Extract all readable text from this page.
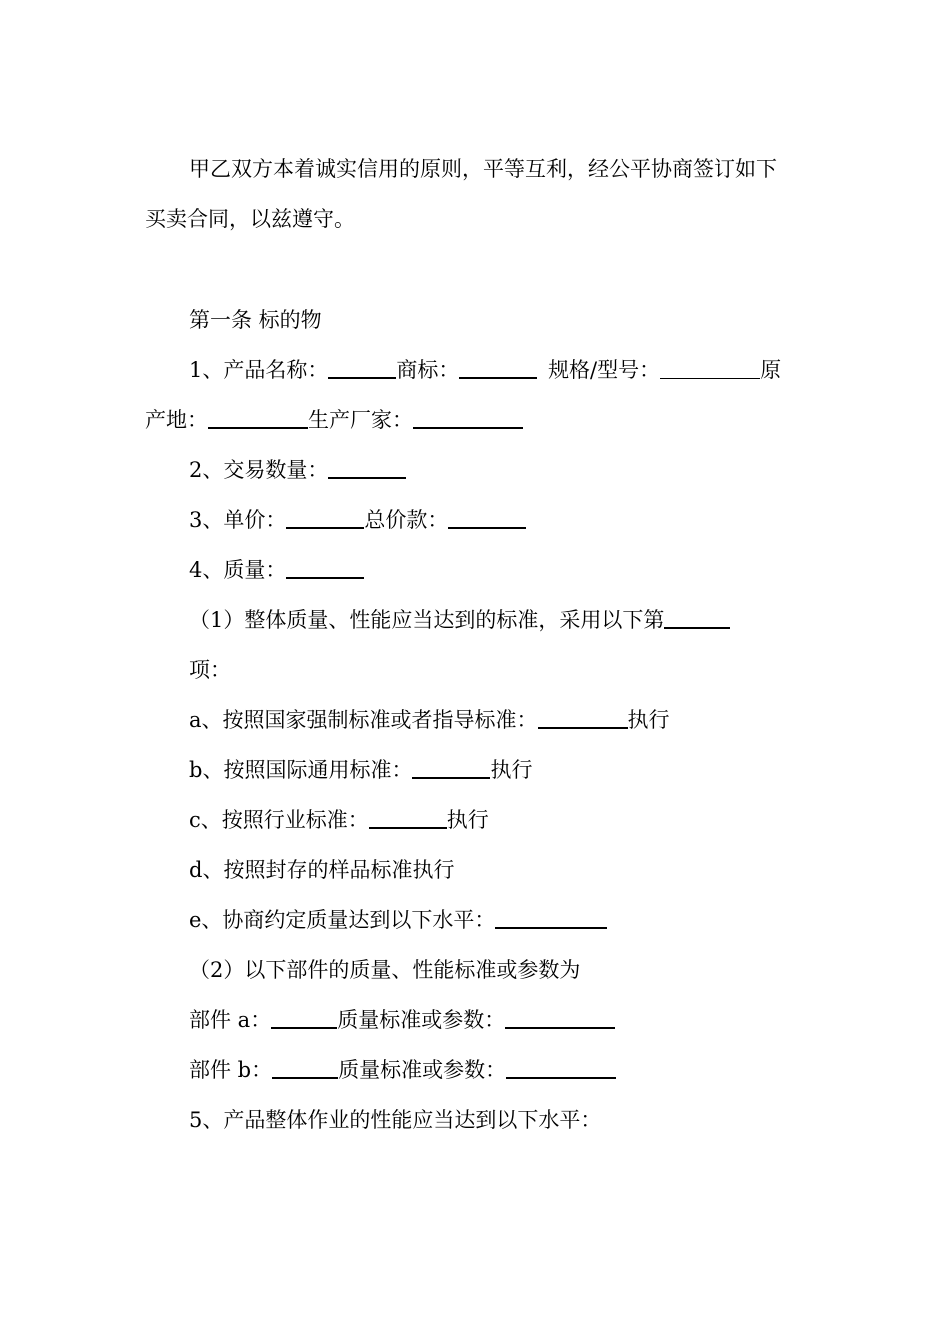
甲乙双方本着诚实信用的原则，平等互利，经公平协商签订如下
买卖合同，以兹遵守。
第一条 标的物
1、产品名称：	商标：	规格/型号：	原
产地：	生产厂家：
2、交易数量：
3、单价：	总价款：
4、质量：
（1）整体质量、性能应当达到的标准，采用以下第
项：
a、按照国家强制标准或者指导标准：	执行
b、按照国际通用标准：	执行
c、按照行业标准：	执行
d、按照封存的样品标准执行
e、协商约定质量达到以下水平：
（2）以下部件的质量、性能标准或参数为
部件 a：	质量标准或参数：
部件 b：	质量标准或参数：
5、产品整体作业的性能应当达到以下水平：
